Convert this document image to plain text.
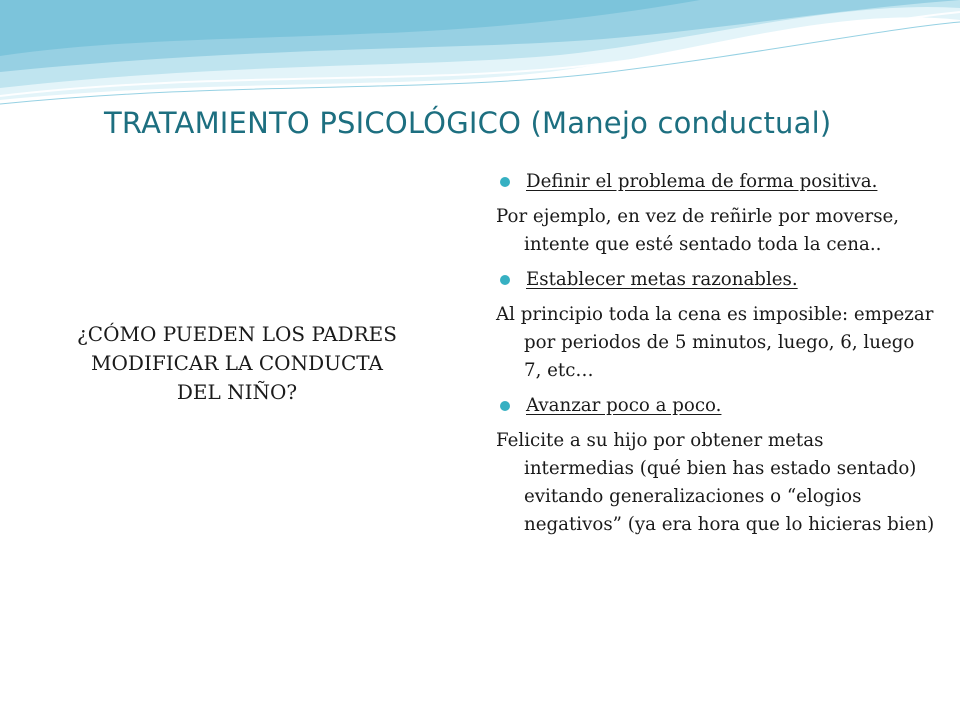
TRATAMIENTO PSICOLÓGICO (Manejo conductual)
¿CÓMO PUEDEN LOS PADRES MODIFICAR LA CONDUCTA DEL NIÑO?
Definir el problema de forma positiva.
Por ejemplo, en vez de reñirle por moverse, intente que esté sentado toda la cena..
Establecer metas razonables.
Al principio toda la cena es imposible: empezar por periodos de 5 minutos, luego, 6, luego 7, etc…
Avanzar poco a poco.
Felicite a su hijo por obtener metas intermedias (qué bien has estado sentado) evitando generalizaciones o “elogios negativos” (ya era hora que lo hicieras bien)
